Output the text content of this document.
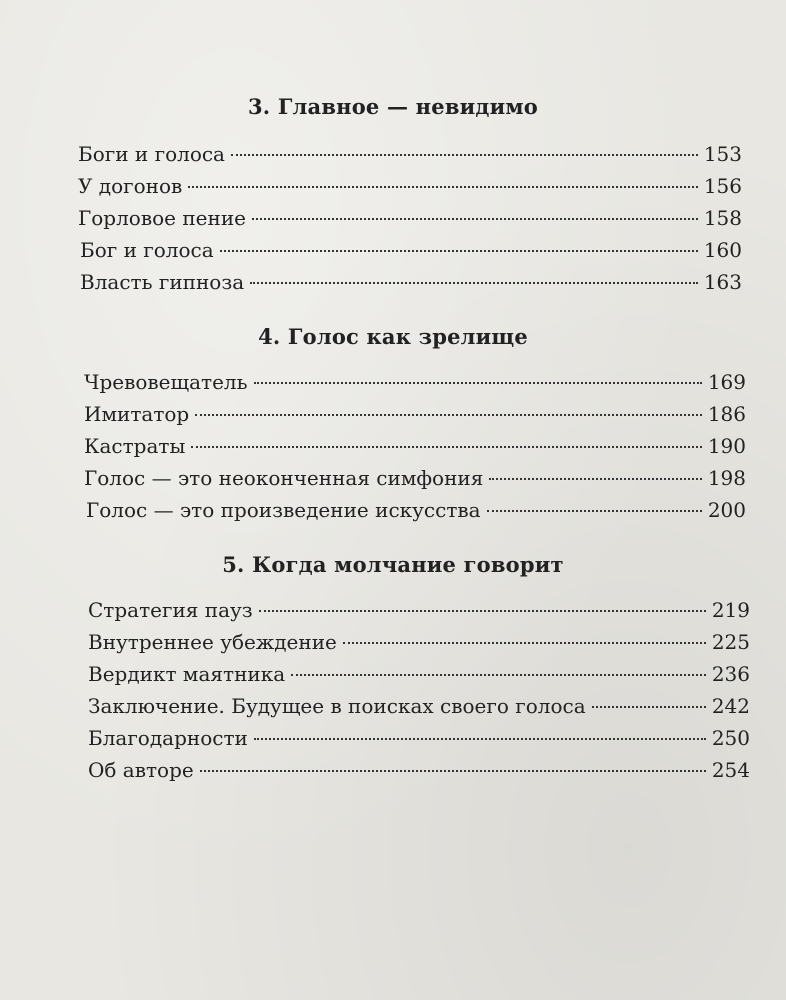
3. Главное — невидимо
Боги и голоса	153
У догонов	156
Горловое пение	158
Бог и голоса	160
Власть гипноза	163
4. Голос как зрелище
Чревовещатель	169
Имитатор	186
Кастраты	190
Голос — это неоконченная симфония	198
Голос — это произведение искусства	200
5. Когда молчание говорит
Стратегия пауз	219
Внутреннее убеждение	225
Вердикт маятника	236
Заключение. Будущее в поисках своего голоса	242
Благодарности	250
Об авторе	254
